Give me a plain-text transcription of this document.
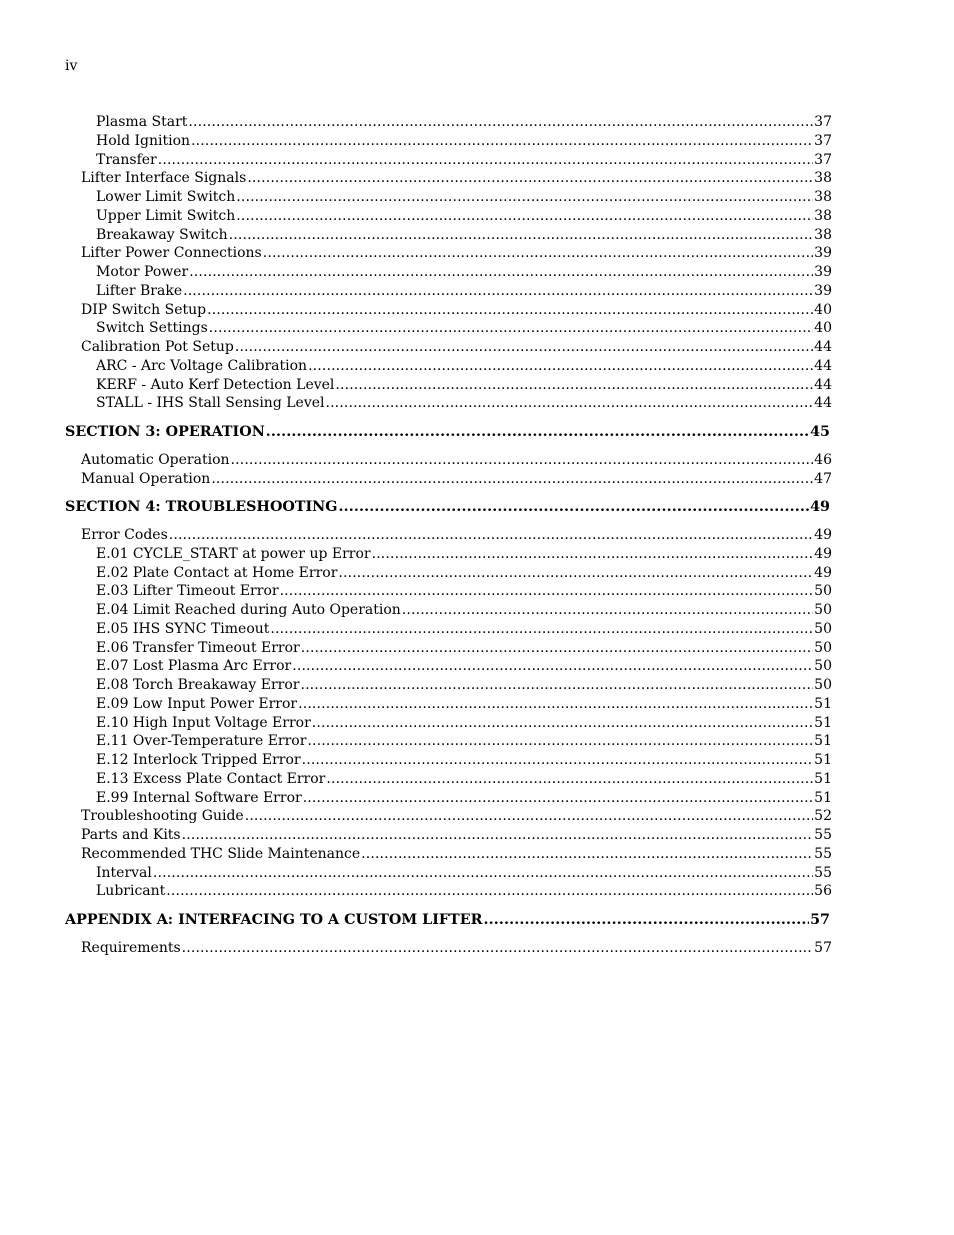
iv
Plasma Start .....	37
Hold Ignition .....	37
Transfer .....	37
Lifter Interface Signals .....	38
Lower Limit Switch .....	38
Upper Limit Switch .....	38
Breakaway Switch .....	38
Lifter Power Connections .....	39
Motor Power .....	39
Lifter Brake .....	39
DIP Switch Setup .....	40
Switch Settings .....	40
Calibration Pot Setup .....	44
ARC - Arc Voltage Calibration .....	44
KERF - Auto Kerf Detection Level .....	44
STALL - IHS Stall Sensing Level .....	44
SECTION 3: OPERATION .....	45
Automatic Operation .....	46
Manual Operation .....	47
SECTION 4: TROUBLESHOOTING .....	49
Error Codes .....	49
E.01 CYCLE_START at power up Error .....	49
E.02 Plate Contact at Home Error .....	49
E.03 Lifter Timeout Error .....	50
E.04 Limit Reached during Auto Operation .....	50
E.05 IHS SYNC Timeout .....	50
E.06 Transfer Timeout Error .....	50
E.07 Lost Plasma Arc Error .....	50
E.08 Torch Breakaway Error .....	50
E.09 Low Input Power Error .....	51
E.10 High Input Voltage Error .....	51
E.11 Over-Temperature Error .....	51
E.12 Interlock Tripped Error .....	51
E.13 Excess Plate Contact Error .....	51
E.99 Internal Software Error .....	51
Troubleshooting Guide .....	52
Parts and Kits .....	55
Recommended THC Slide Maintenance .....	55
Interval .....	55
Lubricant .....	56
APPENDIX A: INTERFACING TO A CUSTOM LIFTER .....	57
Requirements .....	57
